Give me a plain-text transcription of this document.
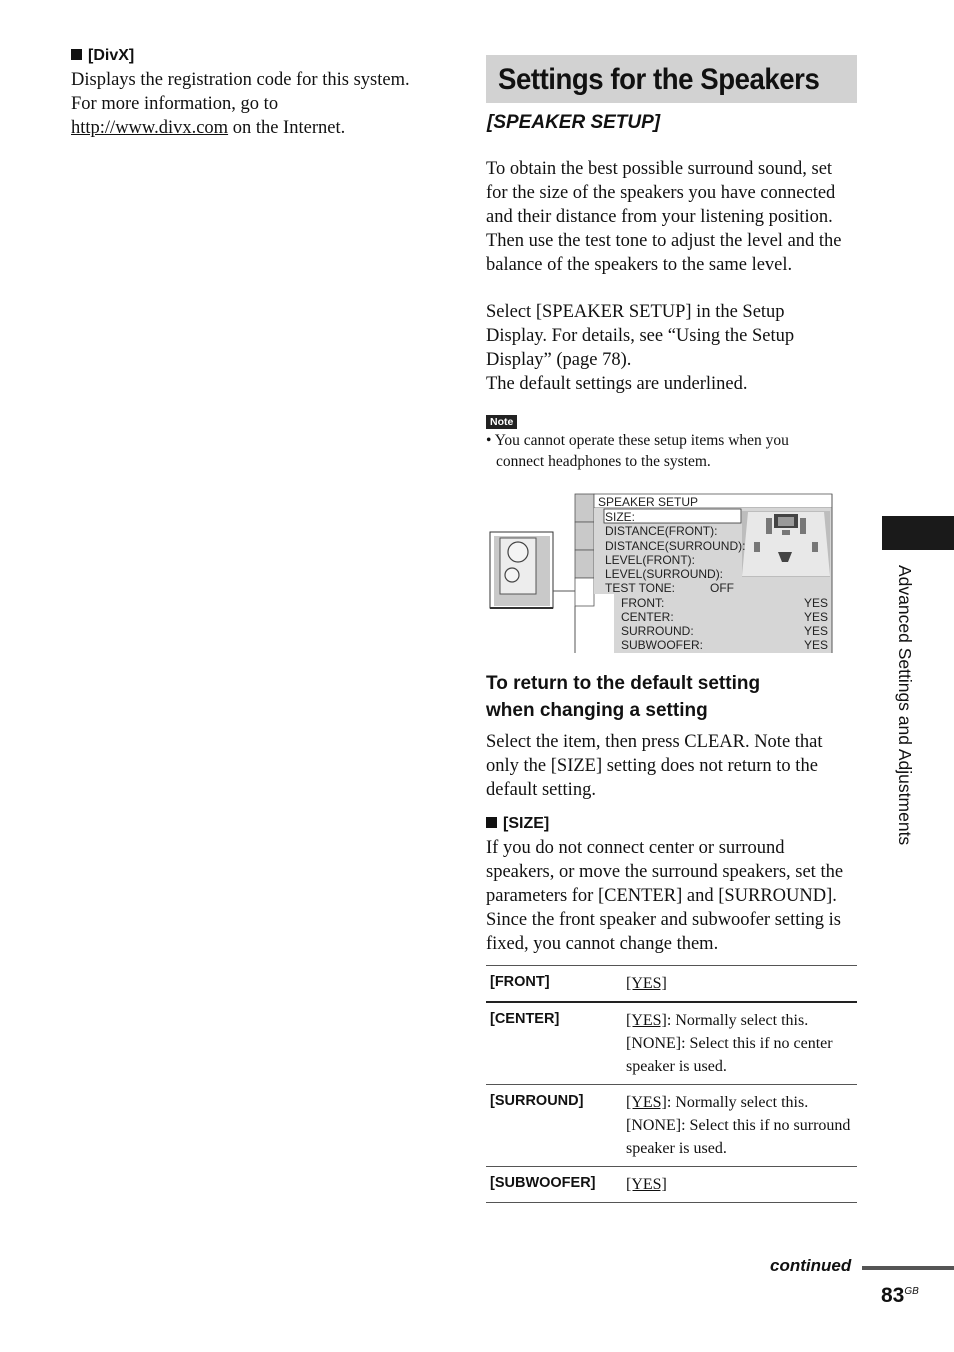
[DivX]
Displays the registration code for this system.
For more information, go to
http://www.divx.com on the Internet.
Settings for the Speakers
[SPEAKER SETUP]
To obtain the best possible surround sound, set
for the size of the speakers you have connected
and their distance from your listening position.
Then use the test tone to adjust the level and the
balance of the speakers to the same level.
Select [SPEAKER SETUP] in the Setup
Display. For details, see “Using the Setup
Display” (page 78).
The default settings are underlined.
Note
• You cannot operate these setup items when you
connect headphones to the system.
SPEAKER SETUP
SIZE:
DISTANCE(FRONT):
DISTANCE(SURROUND):
LEVEL(FRONT):
LEVEL(SURROUND):
TEST TONE:	OFF
FRONT:	YES
CENTER:	YES
SURROUND:	YES
SUBWOOFER:	YES
To return to the default setting
when changing a setting
Select the item, then press CLEAR. Note that
only the [SIZE] setting does not return to the
default setting.
[SIZE]
If you do not connect center or surround
speakers, or move the surround speakers, set the
parameters for [CENTER] and [SURROUND].
Since the front speaker and subwoofer setting is
fixed, you cannot change them.
[FRONT]	[YES]
[CENTER]	[YES]: Normally select this.
[NONE]: Select this if no center speaker is used.
[SURROUND]	[YES]: Normally select this.
[NONE]: Select this if no surround speaker is used.
[SUBWOOFER]	[YES]
Advanced Settings and Adjustments
continued
$83^{GB}$
